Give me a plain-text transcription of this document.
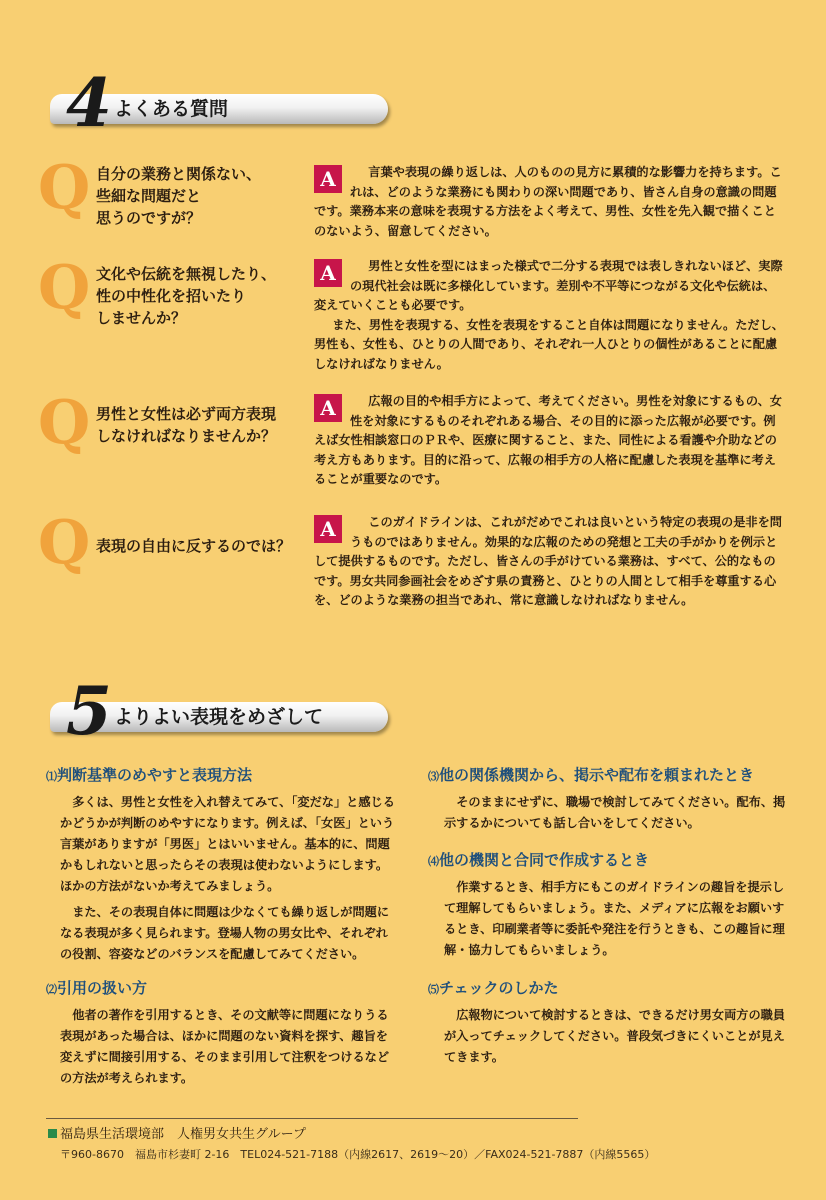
4 よくある質問
Q 自分の業務と関係ない、
些細な問題だと
思うのですが？
A	言葉や表現の繰り返しは、人のものの見方に累積的な影響力を持ちます。これは、どのような業務にも関わりの深い問題であり、皆さん自身の意識の問題です。業務本来の意味を表現する方法をよく考えて、男性、女性を先入観で描くことのないよう、留意してください。

Q 文化や伝統を無視したり、
性の中性化を招いたり
しませんか？
A	男性と女性を型にはまった様式で二分する表現では表しきれないほど、実際の現代社会は既に多様化しています。差別や不平等につながる文化や伝統は、変えていくことも必要です。

また、男性を表現する、女性を表現をすること自体は問題になりません。ただし、男性も、女性も、ひとりの人間であり、それぞれ一人ひとりの個性があることに配慮しなければなりません。

Q 男性と女性は必ず両方表現
しなければなりませんか？
A	広報の目的や相手方によって、考えてください。男性を対象にするもの、女性を対象にするものそれぞれある場合、その目的に添った広報が必要です。例えば女性相談窓口のＰＲや、医療に関すること、また、同性による看護や介助などの考え方もあります。目的に沿って、広報の相手方の人格に配慮した表現を基準に考えることが重要なのです。

Q 表現の自由に反するのでは？
A	このガイドラインは、これがだめでこれは良いという特定の表現の是非を問うものではありません。効果的な広報のための発想と工夫の手がかりを例示として提供するものです。ただし、皆さんの手がけている業務は、すべて、公的なものです。男女共同参画社会をめざす県の責務と、ひとりの人間として相手を尊重する心を、どのような業務の担当であれ、常に意識しなければなりません。

5 よりよい表現をめざして
⑴判断基準のめやすと表現方法

多くは、男性と女性を入れ替えてみて、「変だな」と感じるかどうかが判断のめやすになります。例えば、「女医」という言葉がありますが「男医」とはいいません。基本的に、問題かもしれないと思ったらその表現は使わないようにします。ほかの方法がないか考えてみましょう。

また、その表現自体に問題は少なくても繰り返しが問題になる表現が多く見られます。登場人物の男女比や、それぞれの役割、容姿などのバランスを配慮してみてください。

⑵引用の扱い方

他者の著作を引用するとき、その文献等に問題になりうる表現があった場合は、ほかに問題のない資料を探す、趣旨を変えずに間接引用する、そのまま引用して注釈をつけるなどの方法が考えられます。

⑶他の関係機関から、掲示や配布を頼まれたとき

そのままにせずに、職場で検討してみてください。配布、掲示するかについても話し合いをしてください。

⑷他の機関と合同で作成するとき

作業するとき、相手方にもこのガイドラインの趣旨を提示して理解してもらいましょう。また、メディアに広報をお願いするとき、印刷業者等に委託や発注を行うときも、この趣旨に理解・協力してもらいましょう。

⑸チェックのしかた

広報物について検討するときは、できるだけ男女両方の職員が入ってチェックしてください。普段気づきにくいことが見えてきます。

福島県生活環境部　人権男女共生グループ
〒960-8670　福島市杉妻町 2-16　TEL024-521-7188（内線2617、2619～20）／FAX024-521-7887（内線5565）
